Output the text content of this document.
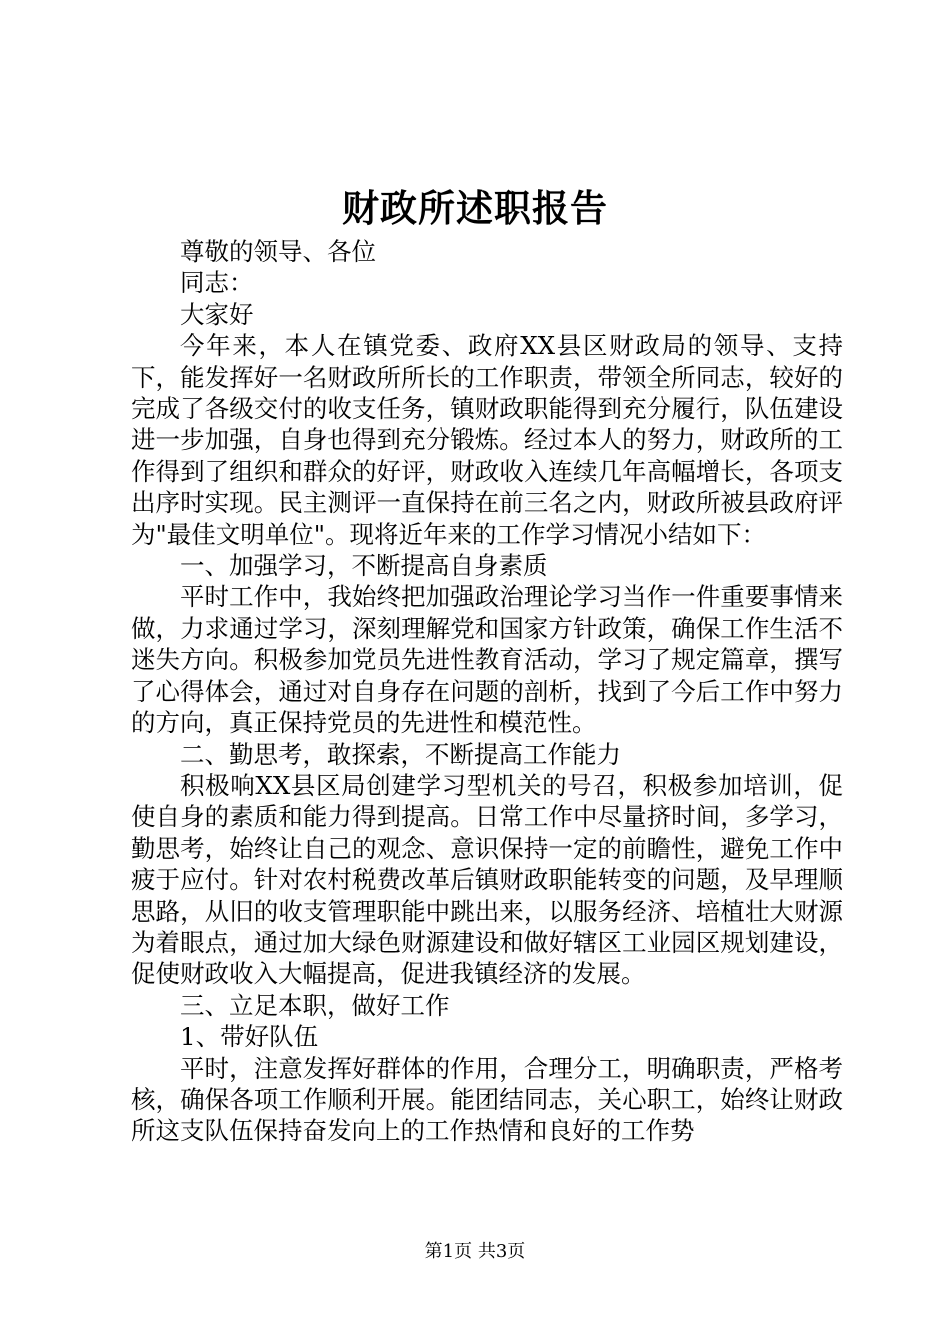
财政所述职报告

尊敬的领导、各位

同志：

大家好

今年来，本人在镇党委、政府XX县区财政局的领导、支持下，能发挥好一名财政所所长的工作职责，带领全所同志，较好的完成了各级交付的收支任务，镇财政职能得到充分履行，队伍建设进一步加强，自身也得到充分锻炼。经过本人的努力，财政所的工作得到了组织和群众的好评，财政收入连续几年高幅增长，各项支出序时实现。民主测评一直保持在前三名之内，财政所被县政府评为"最佳文明单位"。现将近年来的工作学习情况小结如下：

一、加强学习，不断提高自身素质

平时工作中，我始终把加强政治理论学习当作一件重要事情来做，力求通过学习，深刻理解党和国家方针政策，确保工作生活不迷失方向。积极参加党员先进性教育活动，学习了规定篇章，撰写了心得体会，通过对自身存在问题的剖析，找到了今后工作中努力的方向，真正保持党员的先进性和模范性。

二、勤思考，敢探索，不断提高工作能力

积极响XX县区局创建学习型机关的号召，积极参加培训，促使自身的素质和能力得到提高。日常工作中尽量挤时间，多学习，勤思考，始终让自己的观念、意识保持一定的前瞻性，避免工作中疲于应付。针对农村税费改革后镇财政职能转变的问题，及早理顺思路，从旧的收支管理职能中跳出来，以服务经济、培植壮大财源为着眼点，通过加大绿色财源建设和做好辖区工业园区规划建设，促使财政收入大幅提高，促进我镇经济的发展。

三、立足本职，做好工作

1、带好队伍

平时，注意发挥好群体的作用，合理分工，明确职责，严格考核，确保各项工作顺利开展。能团结同志，关心职工，始终让财政所这支队伍保持奋发向上的工作热情和良好的工作势

第1页 共3页
